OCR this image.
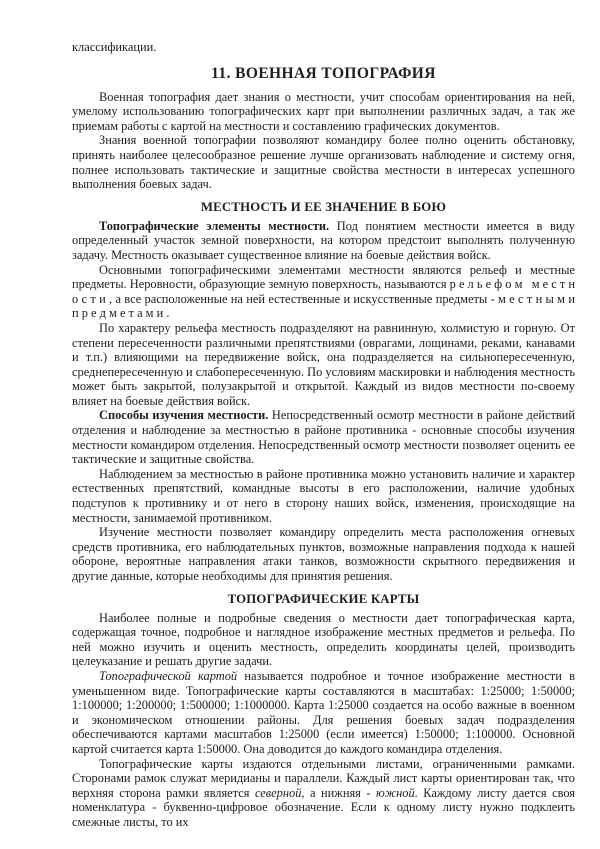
классификации.

11. ВОЕННАЯ ТОПОГРАФИЯ

Военная топография дает знания о местности, учит способам ориентирования на ней, умелому использованию топографических карт при выполнении различных задач, а так же приемам работы с картой на местности и составлению графических документов.

Знания военной топографии позволяют командиру более полно оценить обстановку, принять наиболее целесообразное решение лучше организовать наблюдение и систему огня, полнее использовать тактические и защитные свойства местности в интересах успешного выполнения боевых задач.

МЕСТНОСТЬ И ЕЕ ЗНАЧЕНИЕ В БОЮ

Топографические элементы местности. Под понятием местности имеется в виду определенный участок земной поверхности, на котором предстоит выполнять полученную задачу. Местность оказывает существенное влияние на боевые действия войск.

Основными топографическими элементами местности являются рельеф и местные предметы. Неровности, образующие земную поверхность, называются р е л ь е ф о м   м е с т н о с т и , а все расположенные на ней естественные и искусственные предметы - м е с т н ы м и   п р е д м е т а м и .

По характеру рельефа местность подразделяют на равнинную, холмистую и горную. От степени пересеченности различными препятствиями (оврагами, лощинами, реками, канавами и т.п.) влияющими на передвижение войск, она подразделяется на сильнопересеченную, среднепересеченную и слабопересеченную. По условиям маскировки и наблюдения местность может быть закрытой, полузакрытой и открытой. Каждый из видов местности по-своему влияет на боевые действия войск.

Способы изучения местности. Непосредственный осмотр местности в районе действий отделения и наблюдение за местностью в районе противника - основные способы изучения местности командиром отделения. Непосредственный осмотр местности позволяет оценить ее тактические и защитные свойства.

Наблюдением за местностью в районе противника можно установить наличие и характер естественных препятствий, командные высоты в его расположении, наличие удобных подступов к противнику и от него в сторону наших войск, изменения, происходящие на местности, занимаемой противником.

Изучение местности позволяет командиру определить места расположения огневых средств противника, его наблюдательных пунктов, возможные направления подхода к нашей обороне, вероятные направления атаки танков, возможности скрытного передвижения и другие данные, которые необходимы для принятия решения.

ТОПОГРАФИЧЕСКИЕ КАРТЫ

Наиболее полные и подробные сведения о местности дает топографическая карта, содержащая точное, подробное и наглядное изображение местных предметов и рельефа. По ней можно изучить и оценить местность, определить координаты целей, производить целеуказание и решать другие задачи.

Топографической картой называется подробное и точное изображение местности в уменьшенном виде. Топографические карты составляются в масштабах: 1:25000; 1:50000; 1:100000; 1:200000; 1:500000; 1:1000000. Карта 1:25000 создается на особо важные в военном и экономическом отношении районы. Для решения боевых задач подразделения обеспечиваются картами масштабов 1:25000 (если имеется) 1:50000; 1:100000. Основной картой считается карта 1:50000. Она доводится до каждого командира отделения.

Топографические карты издаются отдельными листами, ограниченными рамками. Сторонами рамок служат меридианы и параллели. Каждый лист карты ориентирован так, что верхняя сторона рамки является северной, а нижняя - южной. Каждому листу дается своя номенклатура - буквенно-цифровое обозначение. Если к одному листу нужно подклеить смежные листы, то их
